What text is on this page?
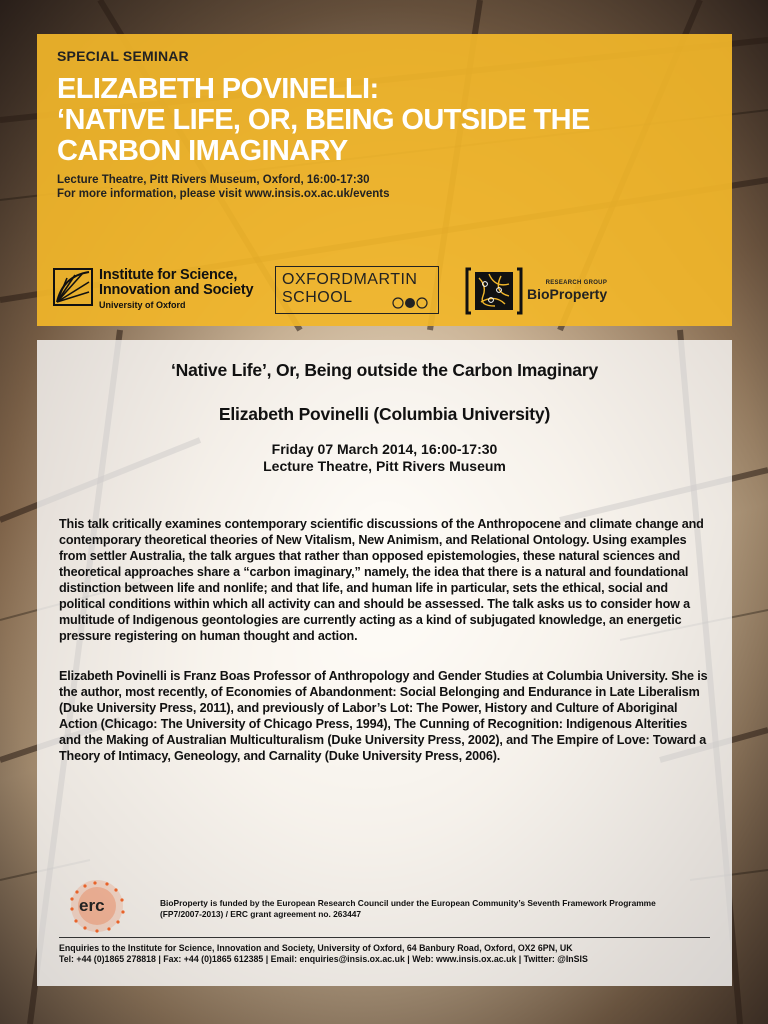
SPECIAL SEMINAR
ELIZABETH POVINELLI:
‘NATIVE LIFE, OR, BEING OUTSIDE THE
CARBON IMAGINARY
Lecture Theatre, Pitt Rivers Museum, Oxford, 16:00-17:30
For more information, please visit www.insis.ox.ac.uk/events
Institute for Science,
Innovation and Society
University of Oxford
OXFORDMARTIN
SCHOOL
RESEARCH GROUP
BioProperty
‘Native Life’, Or, Being outside the Carbon Imaginary
Elizabeth Povinelli (Columbia University)
Friday 07 March 2014, 16:00-17:30
Lecture Theatre, Pitt Rivers Museum

This talk critically examines contemporary scientific discussions of the Anthropocene and climate change and contemporary theoretical theories of New Vitalism, New Animism, and Relational Ontology. Using examples from settler Australia, the talk argues that rather than opposed epistemologies, these natural sciences and theoretical approaches share a “carbon imaginary,” namely, the idea that there is a natural and foundational distinction between life and nonlife; and that life, and human life in particular, sets the ethical, social and political conditions within which all activity can and should be assessed. The talk asks us to consider how a multitude of Indigenous geontologies are currently acting as a kind of subjugated knowledge, an energetic pressure registering on human thought and action.

Elizabeth Povinelli is Franz Boas Professor of Anthropology and Gender Studies at Columbia University. She is the author, most recently, of Economies of Abandonment: Social Belonging and Endurance in Late Liberalism (Duke University Press, 2011), and previously of Labor’s Lot: The Power, History and Culture of Aboriginal Action (Chicago: The University of Chicago Press, 1994), The Cunning of Recognition: Indigenous Alterities and the Making of Australian Multiculturalism (Duke University Press, 2002), and The Empire of Love: Toward a Theory of Intimacy, Geneology, and Carnality (Duke University Press, 2006).

erc	BioProperty is funded by the European Research Council under the European Community’s Seventh Framework Programme
(FP7/2007-2013) / ERC grant agreement no. 263447
Enquiries to the Institute for Science, Innovation and Society, University of Oxford, 64 Banbury Road, Oxford, OX2 6PN, UK
Tel: +44 (0)1865 278818 | Fax: +44 (0)1865 612385 | Email: enquiries@insis.ox.ac.uk | Web: www.insis.ox.ac.uk | Twitter: @InSIS
